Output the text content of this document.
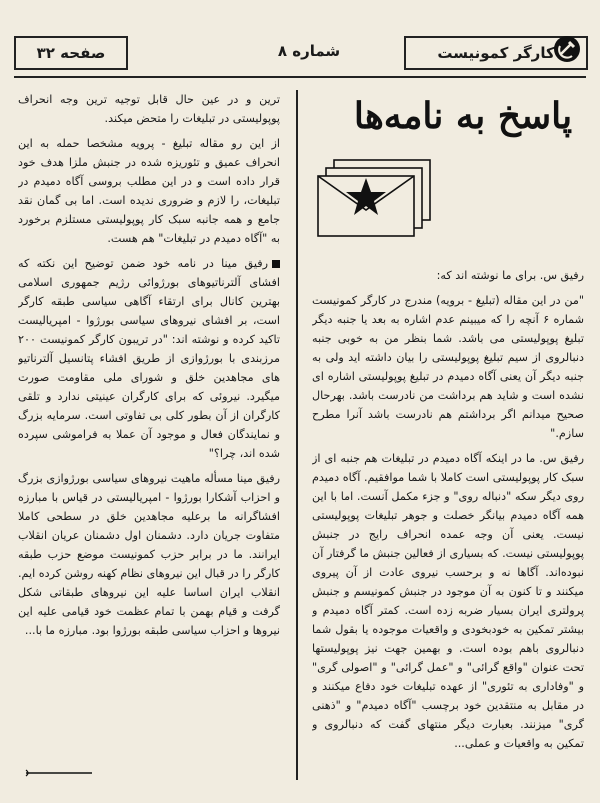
صفحه ۳۲	شماره ۸	کارگر کمونیست
پاسخ به نامه‌ها

رفیق س. برای ما نوشته اند که:

"من در این مقاله (تبلیغ - برویه) مندرج در کارگر کمونیست شماره ۶ آنچه را که میبینم عدم اشاره به بعد یا جنبه دیگر تبلیغ پوپولیستی می باشد. شما بنظر من به خوبی جنبه دنبالروی از سیم تبلیغ پوپولیستی را بیان داشته اید ولی به جنبه دیگر آن یعنی آگاه دمیدم در تبلیغ پوپولیستی اشاره ای نشده است و شاید هم برداشت من نادرست باشد. بهرحال صحیح میدانم اگر برداشتم هم نادرست باشد آنرا مطرح سازم."

رفیق س. ما در اینکه آگاه دمیدم در تبلیغات هم جنبه ای از سبک کار پوپولیستی است کاملا با شما موافقیم. آگاه دمیدم روی دیگر سکه "دنباله روی" و جزء مکمل آنست. اما با این همه آگاه دمیدم بیانگر خصلت و جوهر تبلیغات پوپولیستی نیست. یعنی آن وجه عمده انحراف رایج در جنبش پوپولیستی نیست. که بسیاری از فعالین جنبش ما گرفتار آن نبوده‌اند. آگاها نه و برحسب نیروی عادت از آن پیروی میکنند و تا کنون به آن موجود در جنبش کمونیسم و جنبش پرولتری ایران بسیار ضربه زده است. کمتر آگاه دمیدم و بیشتر تمکین به خودبخودی و واقعیات موجوده یا بقول شما دنبالروی باهم بوده است. و بهمین جهت نیز پوپولیستها تحت عنوان "واقع گرائی" و "عمل گرائی" و "اصولی گری" و "وفاداری به تئوری" از عهده تبلیغات خود دفاع میکنند و در مقابل به منتقدین خود برچسب "آگاه دمیدم" و "ذهنی گری" میزنند. بعبارت دیگر منتهای گفت که دنبالروی و تمکین به واقعیات و عملی...

ترین و در عین حال قابل توجیه ترین وجه انحراف پوپولیستی در تبلیغات را متحض میکند.

از این رو مقاله تبلیغ - پرویه مشخصا حمله به این انحراف عمیق و تئوریزه شده در جنبش ملزا هدف خود قرار داده است و در این مطلب بروسی آگاه دمیدم در تبلیغات، را لازم و ضروری ندیده است. اما بی گمان نقد جامع و همه جانبه سبک کار پوپولیستی مستلزم برخورد به "آگاه دمیدم در تبلیغات" هم هست.

رفیق مینا در نامه خود ضمن توضیح این نکته که افشای آلترناتیوهای بورژوائی رژیم جمهوری اسلامی بهترین کانال برای ارتقاء آگاهی سیاسی طبقه کارگر است، بر افشای نیروهای سیاسی بورژوا - امپریالیست تاکید کرده و نوشته اند: "در تریبون کارگر کمونیست ۲۰۰ مرزبندی با بورژوازی از طریق افشاء پتانسیل آلترناتیو های مجاهدین خلق و شورای ملی مقاومت صورت میگیرد. نیروئی که برای کارگران عینیتی ندارد و تلقی کارگران از آن بطور کلی بی تفاوتی است. سرمایه بزرگ و نمایندگان فعال و موجود آن عملا به فراموشی سپرده شده اند، چرا؟"

رفیق مینا مسأله ماهیت نیروهای سیاسی بورژوازی بزرگ و احزاب آشکارا بورژوا - امپریالیستی در قیاس با مبارزه افشاگرانه ما برعلیه مجاهدین خلق در سطحی کاملا متفاوت جریان دارد. دشمنان اول دشمنان عریان انقلاب ایرانند. ما در برابر حزب کمونیست موضع حزب طبقه کارگر را در قبال این نیروهای نظام کهنه روشن کرده ایم. انقلاب ایران اساسا علیه این نیروهای طبقاتی شکل گرفت و قیام بهمن با تمام عظمت خود قیامی علیه این نیروها و احزاب سیاسی طبقه بورژوا بود. مبارزه ما با...
